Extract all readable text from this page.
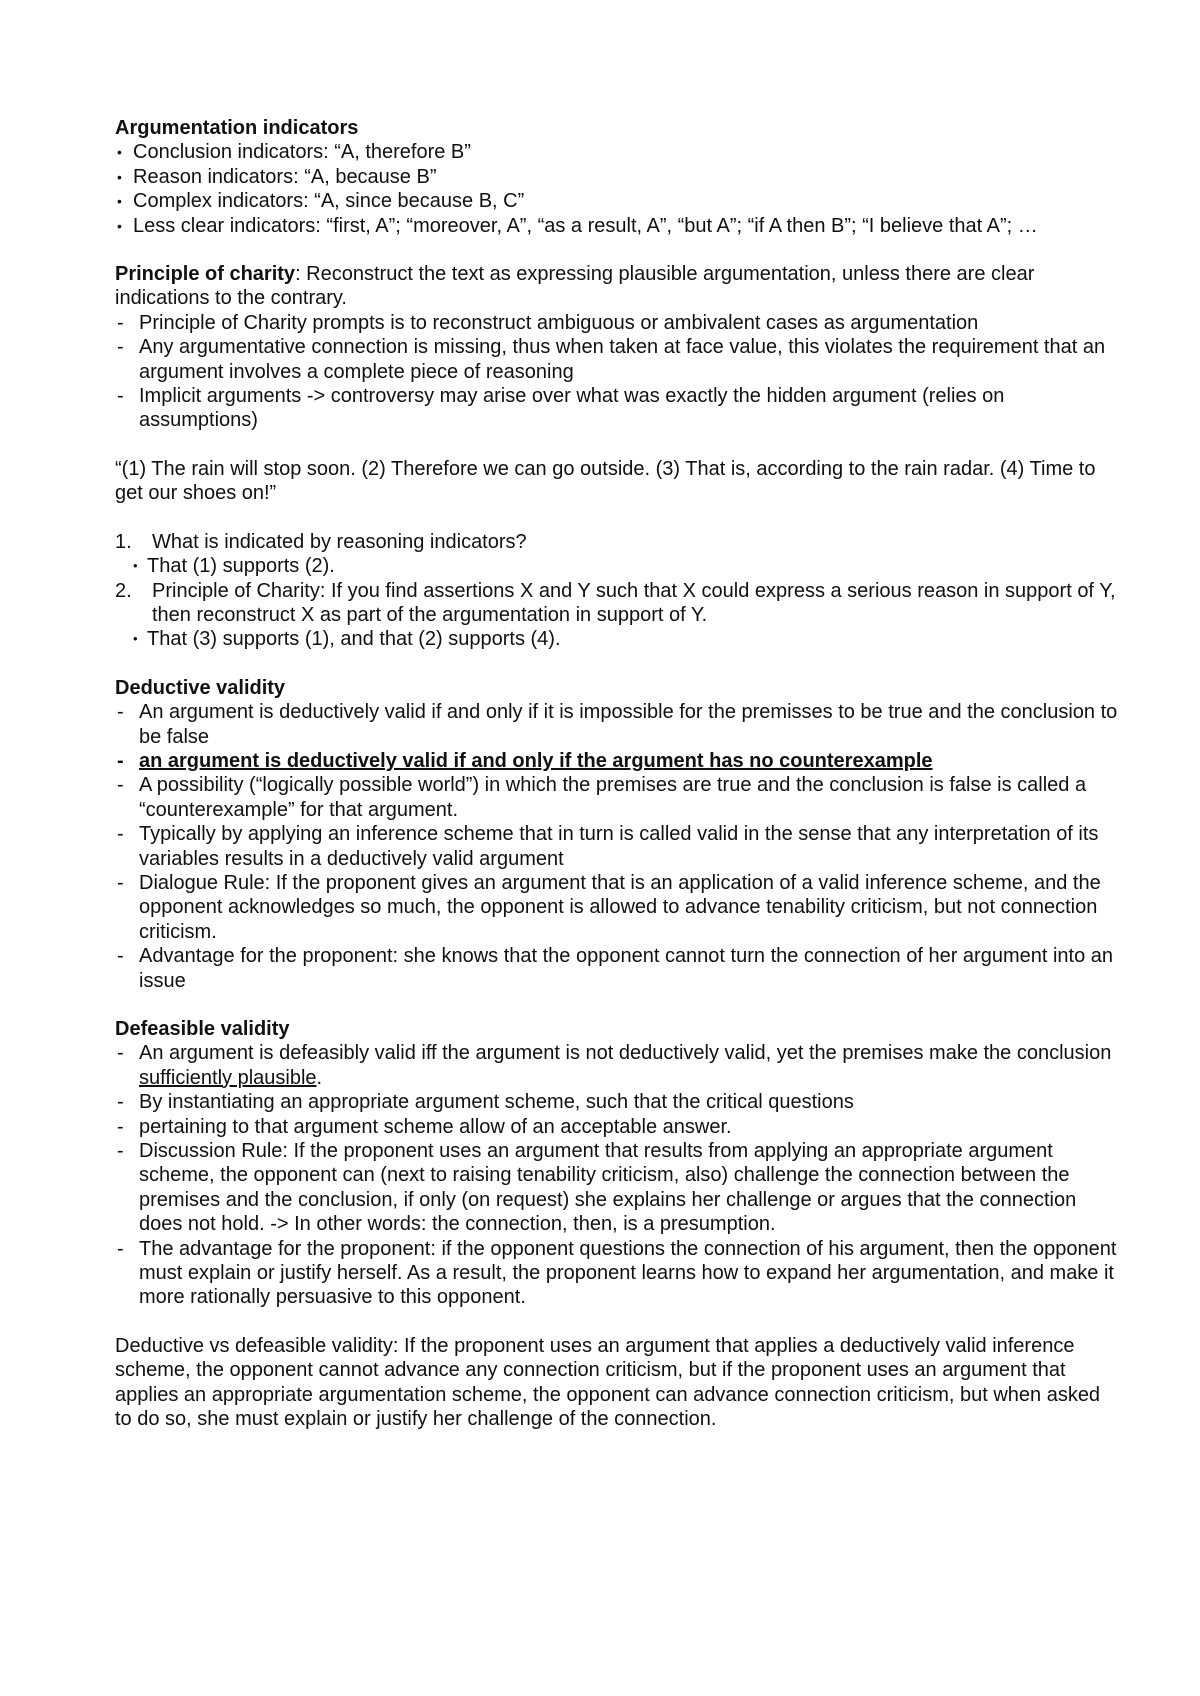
Argumentation indicators
• Conclusion indicators: “A, therefore B”
• Reason indicators: “A, because B”
• Complex indicators: “A, since because B, C”
• Less clear indicators: “first, A”; “moreover, A”, “as a result, A”, “but A”; “if A then B”; “I believe that A”; …

Principle of charity: Reconstruct the text as expressing plausible argumentation, unless there are clear indications to the contrary.

- Principle of Charity prompts is to reconstruct ambiguous or ambivalent cases as argumentation
- Any argumentative connection is missing, thus when taken at face value, this violates the requirement that an argument involves a complete piece of reasoning
- Implicit arguments -> controversy may arise over what was exactly the hidden argument (relies on assumptions)

“(1) The rain will stop soon. (2) Therefore we can go outside. (3) That is, according to the rain radar. (4) Time to get our shoes on!”

1. What is indicated by reasoning indicators?
• That (1) supports (2).
2. Principle of Charity: If you find assertions X and Y such that X could express a serious reason in support of Y, then reconstruct X as part of the argumentation in support of Y.
• That (3) supports (1), and that (2) supports (4).
Deductive validity
- An argument is deductively valid if and only if it is impossible for the premisses to be true and the conclusion to be false
- an argument is deductively valid if and only if the argument has no counterexample
- A possibility (“logically possible world”) in which the premises are true and the conclusion is false is called a “counterexample” for that argument.
- Typically by applying an inference scheme that in turn is called valid in the sense that any interpretation of its variables results in a deductively valid argument
- Dialogue Rule: If the proponent gives an argument that is an application of a valid inference scheme, and the opponent acknowledges so much, the opponent is allowed to advance tenability criticism, but not connection criticism.
- Advantage for the proponent: she knows that the opponent cannot turn the connection of her argument into an issue
Defeasible validity
- An argument is defeasibly valid iff the argument is not deductively valid, yet the premises make the conclusion sufficiently plausible.
- By instantiating an appropriate argument scheme, such that the critical questions
- pertaining to that argument scheme allow of an acceptable answer.
- Discussion Rule: If the proponent uses an argument that results from applying an appropriate argument scheme, the opponent can (next to raising tenability criticism, also) challenge the connection between the premises and the conclusion, if only (on request) she explains her challenge or argues that the connection does not hold. -> In other words: the connection, then, is a presumption.
- The advantage for the proponent: if the opponent questions the connection of his argument, then the opponent must explain or justify herself. As a result, the proponent learns how to expand her argumentation, and make it more rationally persuasive to this opponent.

Deductive vs defeasible validity: If the proponent uses an argument that applies a deductively valid inference scheme, the opponent cannot advance any connection criticism, but if the proponent uses an argument that applies an appropriate argumentation scheme, the opponent can advance connection criticism, but when asked to do so, she must explain or justify her challenge of the connection.
